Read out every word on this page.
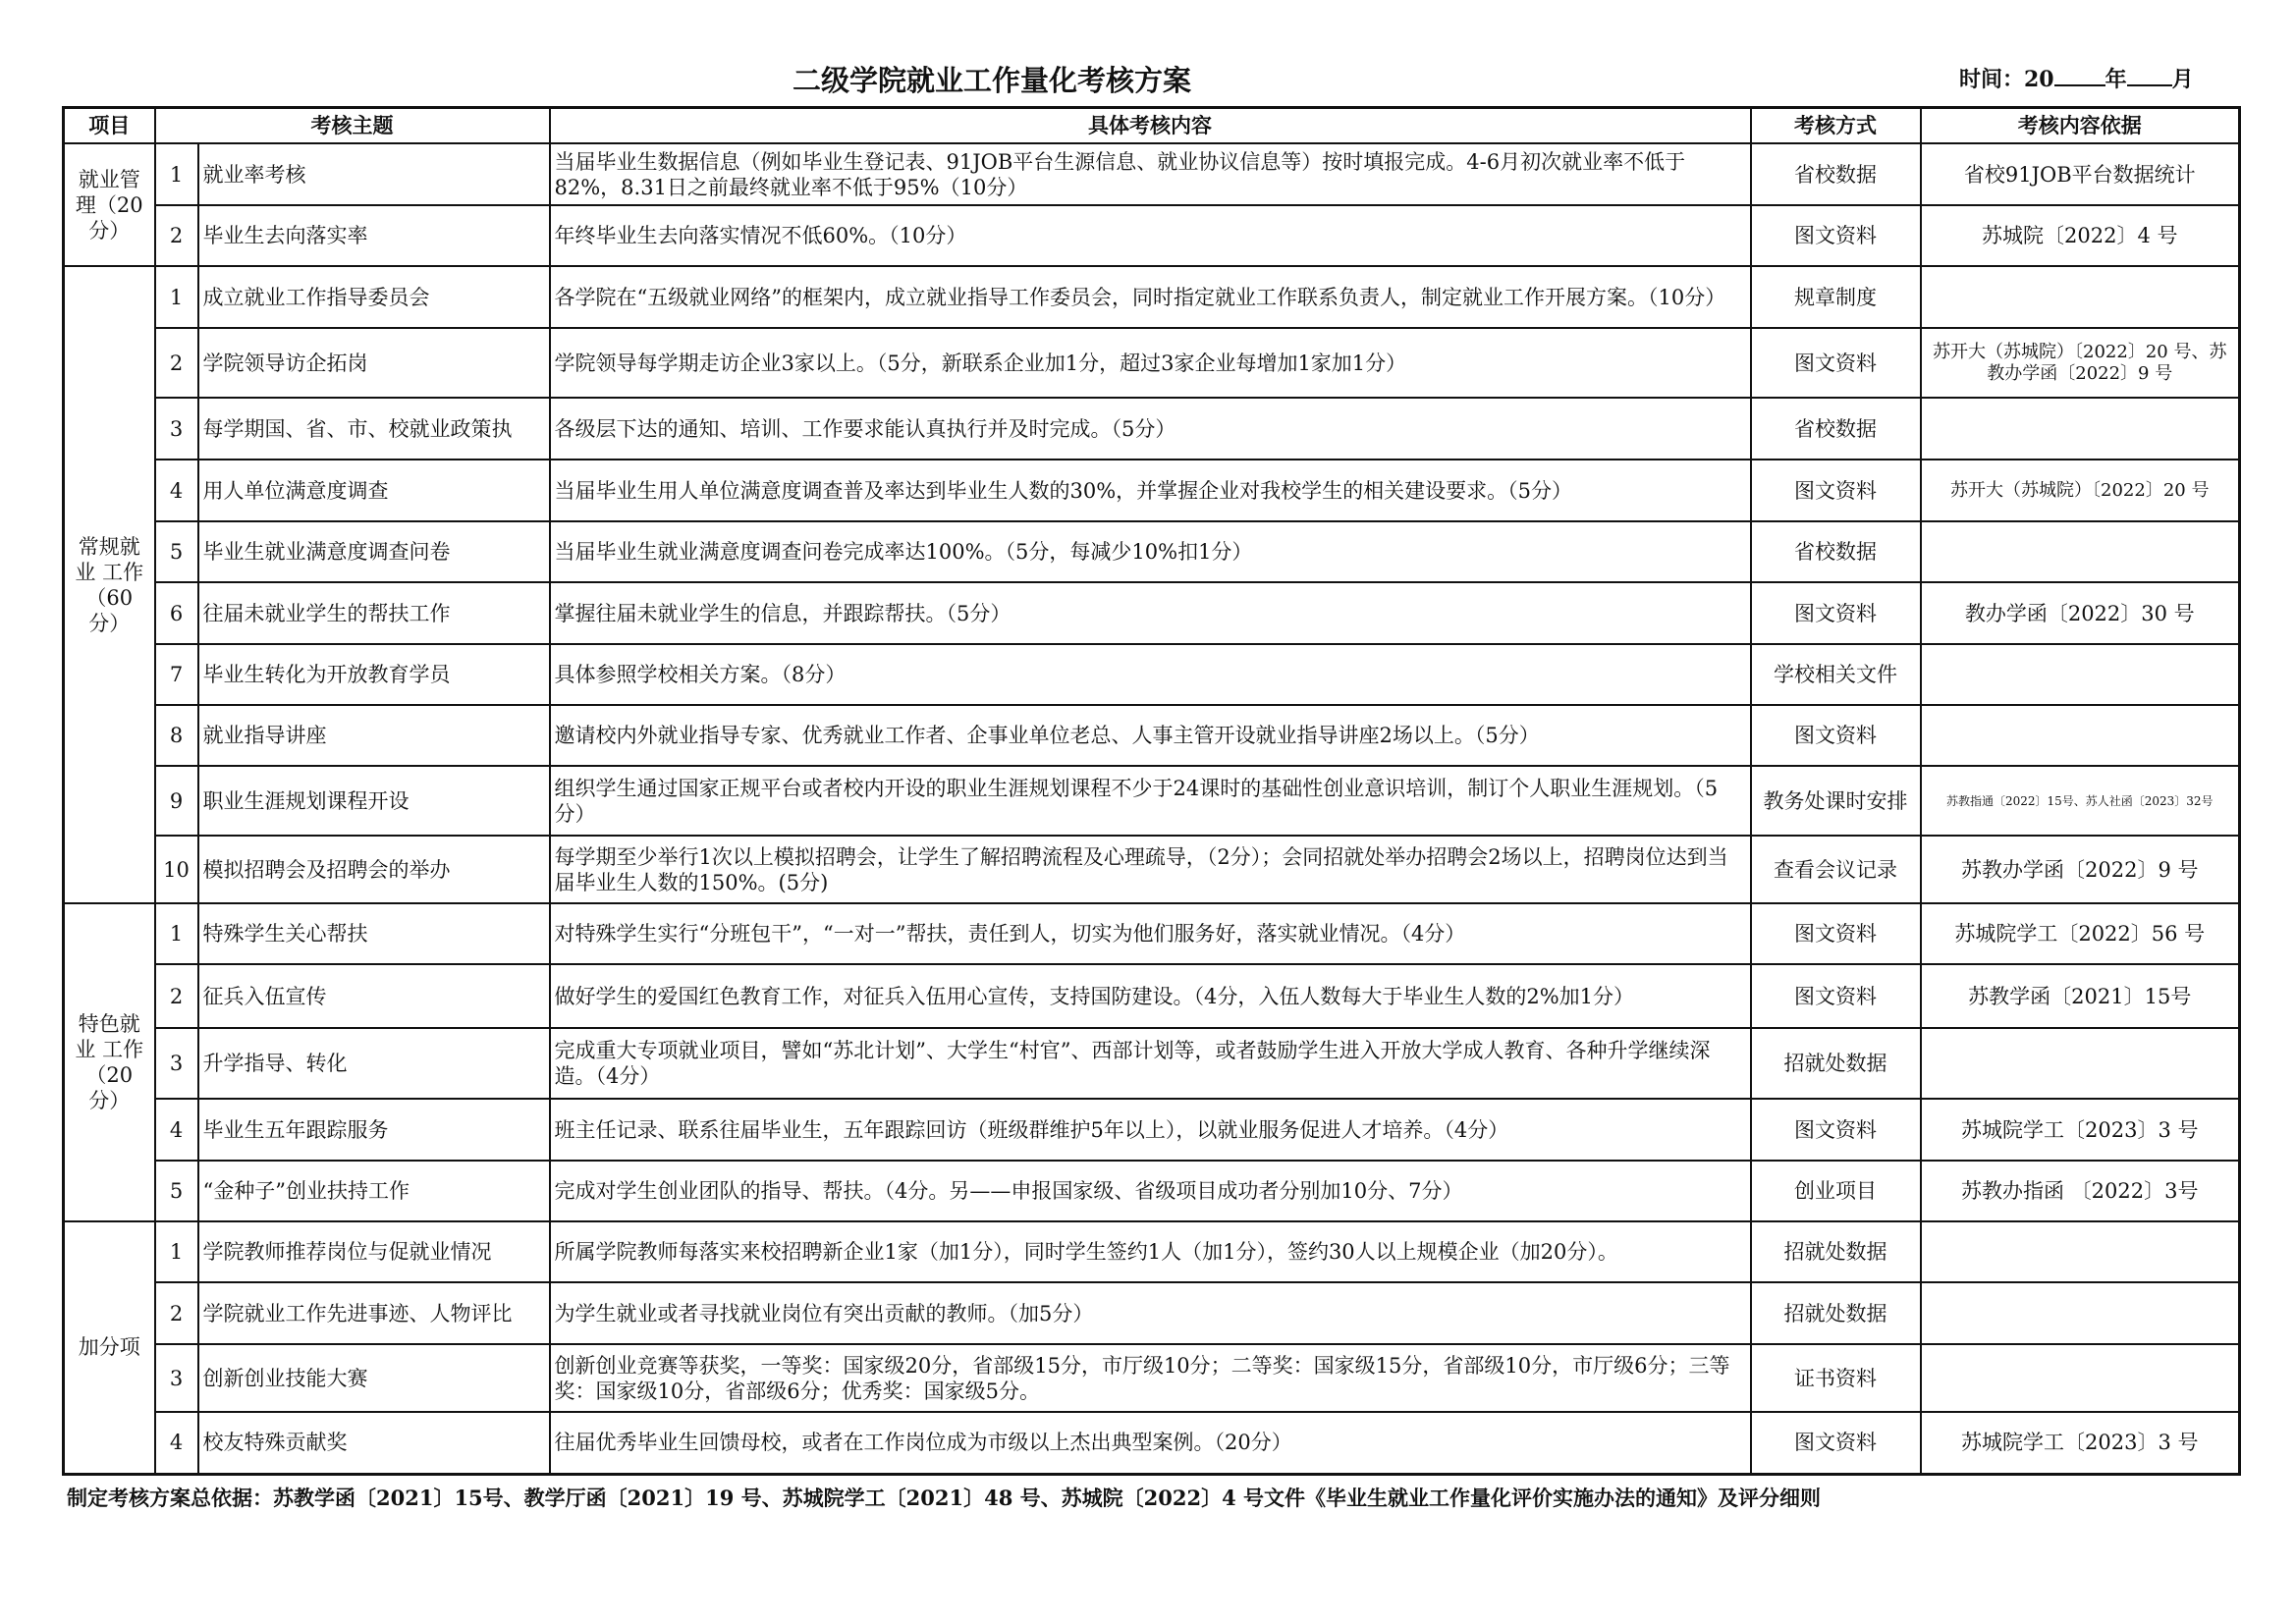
二级学院就业工作量化考核方案	时间：20 年 月
项目	考核主题		具体考核内容	考核方式	考核内容依据
就业管理（20分）	1	就业率考核	当届毕业生数据信息（例如毕业生登记表、91JOB平台生源信息、就业协议信息等）按时填报完成。4-6月初次就业率不低于82%，8.31日之前最终就业率不低于95%（10分）	省校数据	省校91JOB平台数据统计
	2	毕业生去向落实率	年终毕业生去向落实情况不低60%。（10分）	图文资料	苏城院〔2022〕4 号
常规就业 工作（60分）	1	成立就业工作指导委员会	各学院在“五级就业网络”的框架内，成立就业指导工作委员会，同时指定就业工作联系负责人，制定就业工作开展方案。（10分）	规章制度	
	2	学院领导访企拓岗	学院领导每学期走访企业3家以上。（5分，新联系企业加1分，超过3家企业每增加1家加1分）	图文资料	苏开大（苏城院）〔2022〕20 号、苏教办学函〔2022〕9 号
	3	每学期国、省、市、校就业政策执	各级层下达的通知、培训、工作要求能认真执行并及时完成。（5分）	省校数据	
	4	用人单位满意度调查	当届毕业生用人单位满意度调查普及率达到毕业生人数的30%，并掌握企业对我校学生的相关建设要求。（5分）	图文资料	苏开大（苏城院）〔2022〕20 号
	5	毕业生就业满意度调查问卷	当届毕业生就业满意度调查问卷完成率达100%。（5分，每减少10%扣1分）	省校数据	
	6	往届未就业学生的帮扶工作	掌握往届未就业学生的信息，并跟踪帮扶。（5分）	图文资料	教办学函〔2022〕30 号
	7	毕业生转化为开放教育学员	具体参照学校相关方案。（8分）	学校相关文件	
	8	就业指导讲座	邀请校内外就业指导专家、优秀就业工作者、企事业单位老总、人事主管开设就业指导讲座2场以上。（5分）	图文资料	
	9	职业生涯规划课程开设	组织学生通过国家正规平台或者校内开设的职业生涯规划课程不少于24课时的基础性创业意识培训，制订个人职业生涯规划。（5分）	教务处课时安排	苏教指通〔2022〕15号、苏人社函〔2023〕32号
	10	模拟招聘会及招聘会的举办	每学期至少举行1次以上模拟招聘会，让学生了解招聘流程及心理疏导，（2分）；会同招就处举办招聘会2场以上，招聘岗位达到当届毕业生人数的150%。(5分)	查看会议记录	苏教办学函〔2022〕9 号
特色就业 工作（20分）	1	特殊学生关心帮扶	对特殊学生实行“分班包干”，“一对一”帮扶，责任到人，切实为他们服务好，落实就业情况。（4分）	图文资料	苏城院学工〔2022〕56 号
	2	征兵入伍宣传	做好学生的爱国红色教育工作，对征兵入伍用心宣传，支持国防建设。（4分，入伍人数每大于毕业生人数的2%加1分）	图文资料	苏教学函〔2021〕15号
	3	升学指导、转化	完成重大专项就业项目，譬如“苏北计划”、大学生“村官”、西部计划等，或者鼓励学生进入开放大学成人教育、各种升学继续深造。（4分）	招就处数据	
	4	毕业生五年跟踪服务	班主任记录、联系往届毕业生，五年跟踪回访（班级群维护5年以上），以就业服务促进人才培养。（4分）	图文资料	苏城院学工〔2023〕3 号
	5	“金种子”创业扶持工作	完成对学生创业团队的指导、帮扶。（4分。另——申报国家级、省级项目成功者分别加10分、7分）	创业项目	苏教办指函 〔2022〕3号
加分项	1	学院教师推荐岗位与促就业情况	所属学院教师每落实来校招聘新企业1家（加1分），同时学生签约1人（加1分），签约30人以上规模企业（加20分）。	招就处数据	
	2	学院就业工作先进事迹、人物评比	为学生就业或者寻找就业岗位有突出贡献的教师。（加5分）	招就处数据	
	3	创新创业技能大赛	创新创业竞赛等获奖，一等奖：国家级20分，省部级15分，市厅级10分；二等奖：国家级15分，省部级10分，市厅级6分；三等奖：国家级10分，省部级6分；优秀奖：国家级5分。	证书资料	
	4	校友特殊贡献奖	往届优秀毕业生回馈母校，或者在工作岗位成为市级以上杰出典型案例。（20分）	图文资料	苏城院学工〔2023〕3 号
制定考核方案总依据：苏教学函〔2021〕15号、教学厅函〔2021〕19 号、苏城院学工〔2021〕48 号、苏城院〔2022〕4 号文件《毕业生就业工作量化评价实施办法的通知》及评分细则
